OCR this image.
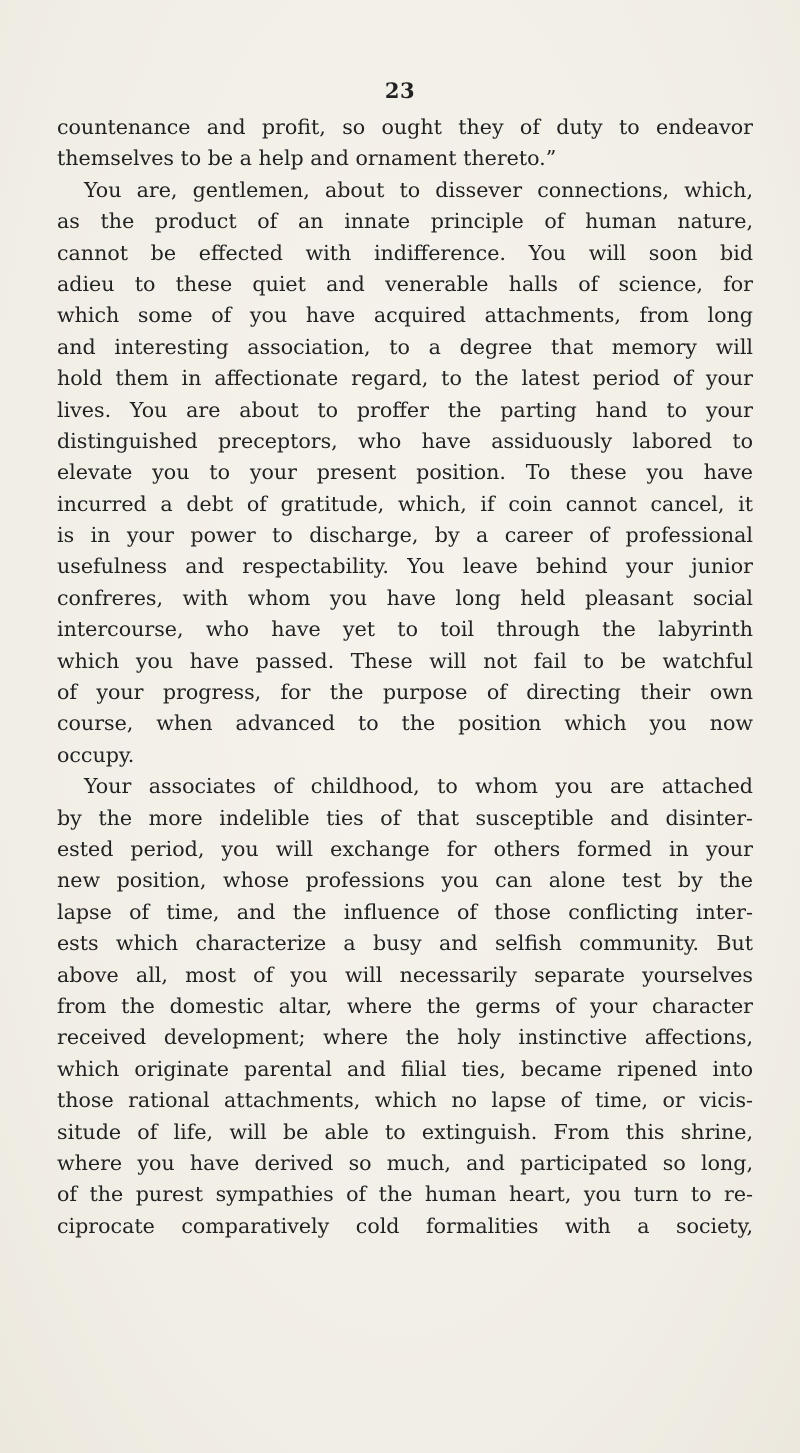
23
countenance and profit, so ought they of duty to endeavor
themselves to be a help and ornament thereto.”
You are, gentlemen, about to dissever connections, which,
as the product of an innate principle of human nature,
cannot be effected with indifference. You will soon bid
adieu to these quiet and venerable halls of science, for
which some of you have acquired attachments, from long
and interesting association, to a degree that memory will
hold them in affectionate regard, to the latest period of your
lives. You are about to proffer the parting hand to your
distinguished preceptors, who have assiduously labored to
elevate you to your present position. To these you have
incurred a debt of gratitude, which, if coin cannot cancel, it
is in your power to discharge, by a career of professional
usefulness and respectability. You leave behind your junior
confreres, with whom you have long held pleasant social
intercourse, who have yet to toil through the labyrinth
which you have passed. These will not fail to be watchful
of your progress, for the purpose of directing their own
course, when advanced to the position which you now
occupy.
Your associates of childhood, to whom you are attached
by the more indelible ties of that susceptible and disinter-
ested period, you will exchange for others formed in your
new position, whose professions you can alone test by the
lapse of time, and the influence of those conflicting inter-
ests which characterize a busy and selfish community. But
above all, most of you will necessarily separate yourselves
from the domestic altar, where the germs of your character
received development; where the holy instinctive affections,
which originate parental and filial ties, became ripened into
those rational attachments, which no lapse of time, or vicis-
situde of life, will be able to extinguish. From this shrine,
where you have derived so much, and participated so long,
of the purest sympathies of the human heart, you turn to re-
ciprocate comparatively cold formalities with a society,
